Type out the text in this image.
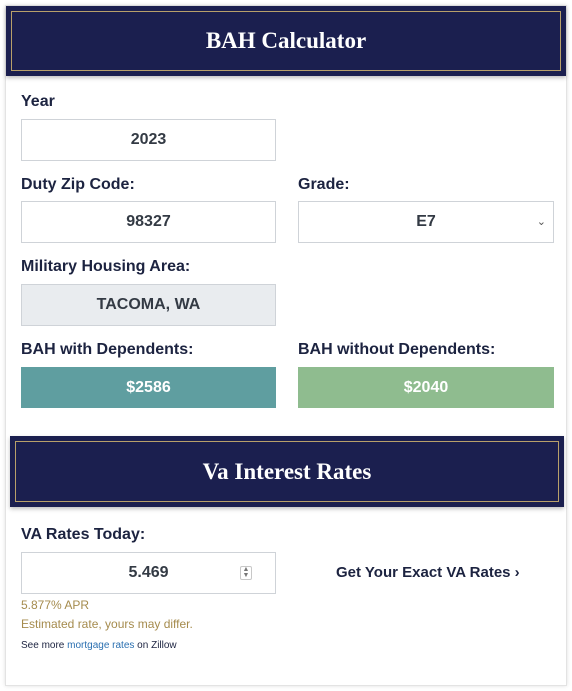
BAH Calculator
Year
2023
Duty Zip Code:
98327
Grade:
E7	⌄
Military Housing Area:
TACOMA, WA
BAH with Dependents:
$2586
BAH without Dependents:
$2040
Va Interest Rates
VA Rates Today:
5.469	▲
▼	Get Your Exact VA Rates ›
5.877% APR
Estimated rate, yours may differ.
See more mortgage rates on Zillow
